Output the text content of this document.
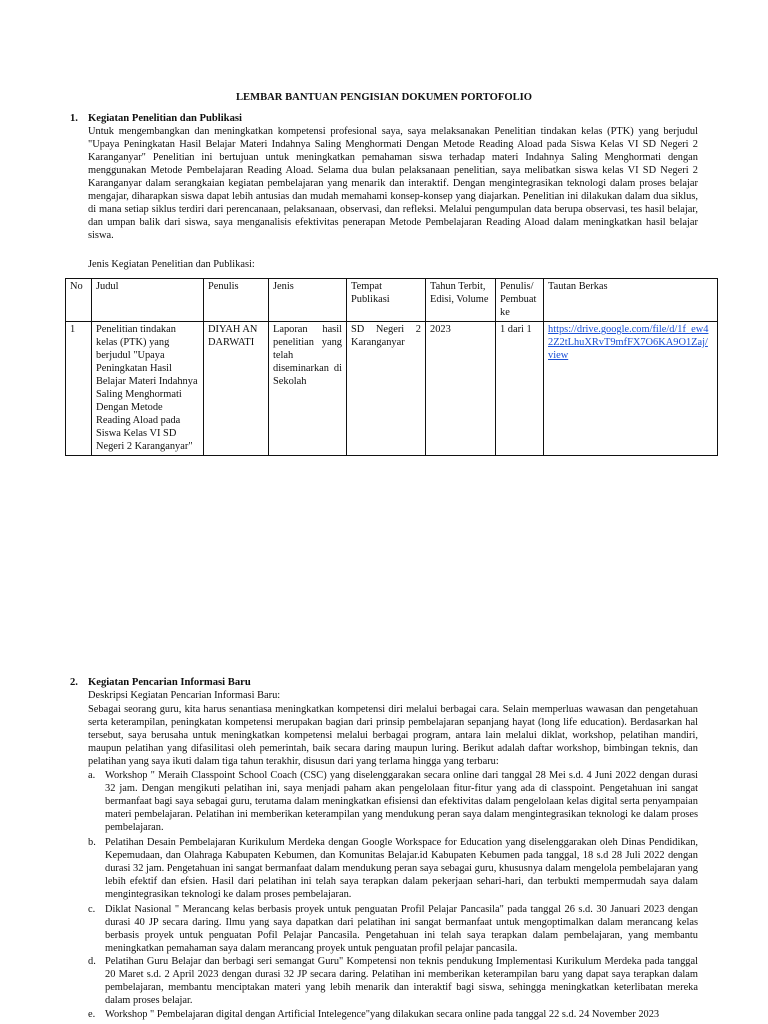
LEMBAR BANTUAN PENGISIAN DOKUMEN PORTOFOLIO
1. Kegiatan Penelitian dan Publikasi
Untuk mengembangkan dan meningkatkan kompetensi profesional saya, saya melaksanakan Penelitian tindakan kelas (PTK) yang berjudul "Upaya Peningkatan Hasil Belajar Materi Indahnya Saling Menghormati Dengan Metode Reading Aload pada Siswa Kelas VI SD Negeri 2 Karanganyar" Penelitian ini bertujuan untuk meningkatkan pemahaman siswa terhadap materi Indahnya Saling Menghormati dengan menggunakan Metode Pembelajaran Reading Aload. Selama dua bulan pelaksanaan penelitian, saya melibatkan siswa kelas VI SD Negeri 2 Karanganyar dalam serangkaian kegiatan pembelajaran yang menarik dan interaktif. Dengan mengintegrasikan teknologi dalam proses belajar mengajar, diharapkan siswa dapat lebih antusias dan mudah memahami konsep-konsep yang diajarkan. Penelitian ini dilakukan dalam dua siklus, di mana setiap siklus terdiri dari perencanaan, pelaksanaan, observasi, dan refleksi. Melalui pengumpulan data berupa observasi, tes hasil belajar, dan umpan balik dari siswa, saya menganalisis efektivitas penerapan Metode Pembelajaran Reading Aload dalam meningkatkan hasil belajar siswa.
Jenis Kegiatan Penelitian dan Publikasi:
No	Judul	Penulis	Jenis	Tempat Publikasi	Tahun Terbit, Edisi, Volume	Penulis/ Pembuat ke	Tautan Berkas
1	Penelitian tindakan kelas (PTK) yang berjudul "Upaya Peningkatan Hasil Belajar Materi Indahnya Saling Menghormati Dengan Metode Reading Aload pada Siswa Kelas VI SD Negeri 2 Karanganyar"	DIYAH ANDARWATI	Laporan hasil penelitian yang telah diseminarkan di Sekolah	SD Negeri 2 Karanganyar	2023	1 dari 1	https://drive.google.com/file/d/1f_ew42Z2tLhuXRvT9mfFX7O6KA9O1Zaj/view
2. Kegiatan Pencarian Informasi Baru
Deskripsi Kegiatan Pencarian Informasi Baru:
Sebagai seorang guru, kita harus senantiasa meningkatkan kompetensi diri melalui berbagai cara. Selain memperluas wawasan dan pengetahuan serta keterampilan, peningkatan kompetensi merupakan bagian dari prinsip pembelajaran sepanjang hayat (long life education). Berdasarkan hal tersebut, saya berusaha untuk meningkatkan kompetensi melalui berbagai program, antara lain melalui diklat, workshop, pelatihan mandiri, maupun pelatihan yang difasilitasi oleh pemerintah, baik secara daring maupun luring. Berikut adalah daftar workshop, bimbingan teknis, dan pelatihan yang saya ikuti dalam tiga tahun terakhir, disusun dari yang terlama hingga yang terbaru:
a. Workshop " Meraih Classpoint School Coach (CSC) yang diselenggarakan secara online dari tanggal 28 Mei s.d. 4 Juni 2022 dengan durasi 32 jam. Dengan mengikuti pelatihan ini, saya menjadi paham akan pengelolaan fitur-fitur yang ada di classpoint. Pengetahuan ini sangat bermanfaat bagi saya sebagai guru, terutama dalam meningkatkan efisiensi dan efektivitas dalam pengelolaan kelas digital serta penyampaian materi pembelajaran. Pelatihan ini memberikan keterampilan yang mendukung peran saya dalam mengintegrasikan teknologi ke dalam proses pembelajaran.
b. Pelatihan Desain Pembelajaran Kurikulum Merdeka dengan Google Workspace for Education yang diselenggarakan oleh Dinas Pendidikan, Kepemudaan, dan Olahraga Kabupaten Kebumen, dan Komunitas Belajar.id Kabupaten Kebumen pada tanggal, 18 s.d 28 Juli 2022 dengan durasi 32 jam. Pengetahuan ini sangat bermanfaat dalam mendukung peran saya sebagai guru, khususnya dalam mengelola pembelajaran yang lebih efektif dan efsien. Hasil dari pelatihan ini telah saya terapkan dalam pekerjaan sehari-hari, dan terbukti mempermudah saya dalam mengintegrasikan teknologi ke dalam proses pembelajaran.
c. Diklat Nasional " Merancang kelas berbasis proyek untuk penguatan Profil Pelajar Pancasila" pada tanggal 26 s.d. 30 Januari 2023 dengan durasi 40 JP secara daring. Ilmu yang saya dapatkan dari pelatihan ini sangat bermanfaat untuk mengoptimalkan dalam merancang kelas berbasis proyek untuk penguatan Pofil Pelajar Pancasila. Pengetahuan ini telah saya terapkan dalam pembelajaran, yang membantu meningkatkan pemahaman saya dalam merancang proyek untuk penguatan profil pelajar pancasila.
d. Pelatihan Guru Belajar dan berbagi seri semangat Guru" Kompetensi non teknis pendukung Implementasi Kurikulum Merdeka pada tanggal 20 Maret s.d. 2 April 2023 dengan durasi 32 JP secara daring. Pelatihan ini memberikan keterampilan baru yang dapat saya terapkan dalam pembelajaran, membantu menciptakan materi yang lebih menarik dan interaktif bagi siswa, sehingga meningkatkan keterlibatan mereka dalam proses belajar.
e. Workshop " Pembelajaran digital dengan Artificial Intelegence"yang dilakukan secara online pada tanggal 22 s.d. 24 November 2023
